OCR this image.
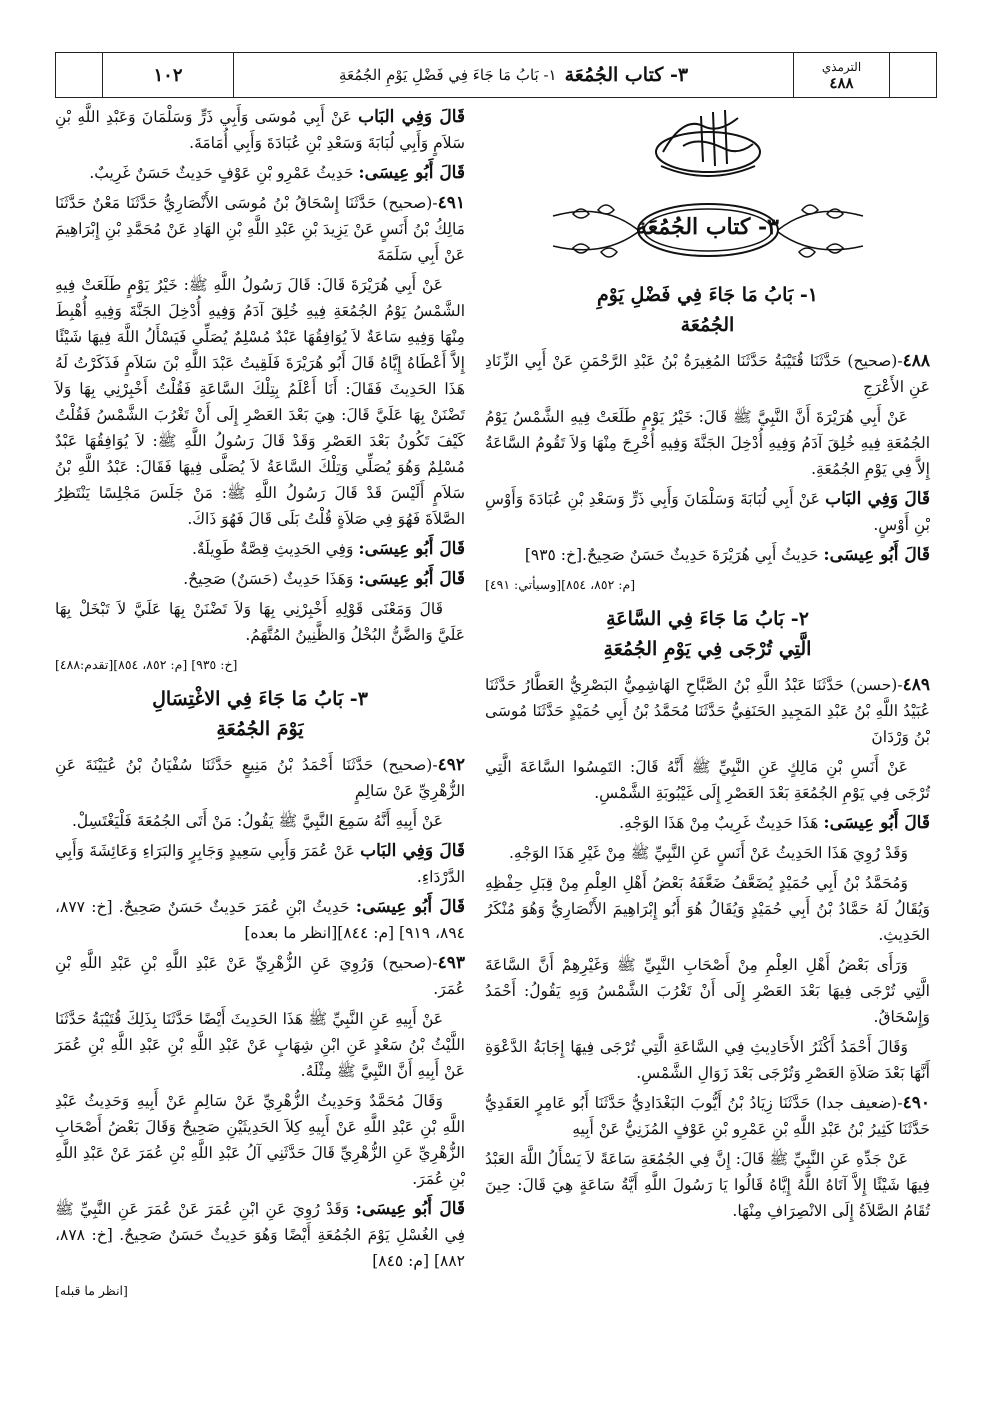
١٠٢	٣- كتاب الجُمُعَة
١- بَابُ مَا جَاءَ فِي فَضْلِ يَوْمِ الجُمُعَةِ	الترمذي
٤٨٨
٣- كتاب الجُمُعَة
١- بَابُ مَا جَاءَ فِي فَضْلِ يَوْمِ
الجُمُعَة

٤٨٨-(صحيح) حَدَّثَنَا قُتَيْبَةُ حَدَّثَنَا المُغِيرَةُ بْنُ عَبْدِ الرَّحْمَنِ عَنْ أَبِي الزِّنَادِ عَنِ الأَعْرَجِ

عَنْ أَبِي هُرَيْرَةَ أَنَّ النَّبِيَّ ﷺ قَالَ: خَيْرُ يَوْمٍ طَلَعَتْ فِيهِ الشَّمْسُ يَوْمُ الجُمُعَةِ فِيهِ خُلِقَ آدَمُ وَفِيهِ أُدْخِلَ الجَنَّةَ وَفِيهِ أُخْرِجَ مِنْهَا وَلاَ تَقُومُ السَّاعَةُ إِلاَّ فِي يَوْمِ الجُمُعَةِ.

قَالَ وَفِي البَاب عَنْ أَبِي لُبَابَةَ وَسَلْمَانَ وَأَبِي ذَرٍّ وَسَعْدِ بْنِ عُبَادَةَ وَأَوْسِ بْنِ أَوْسٍ.

قَالَ أَبُو عِيسَى: حَدِيثُ أَبِي هُرَيْرَةَ حَدِيثٌ حَسَنٌ صَحِيحٌ.[خ: ٩٣٥]

[م: ٨٥٢، ٨٥٤][وسيأتي: ٤٩١]

٢- بَابُ مَا جَاءَ فِي السَّاعَةِ
الَّتِي تُرْجَى فِي يَوْمِ الجُمُعَةِ

٤٨٩-(حسن) حَدَّثَنَا عَبْدُ اللَّهِ بْنُ الصَّبَّاحِ الهَاشِمِيُّ البَصْرِيُّ العَطَّارُ حَدَّثَنَا عُبَيْدُ اللَّهِ بْنُ عَبْدِ المَجِيدِ الحَنَفِيُّ حَدَّثَنَا مُحَمَّدُ بْنُ أَبِي حُمَيْدٍ حَدَّثَنَا مُوسَى بْنُ وَرْدَانَ

عَنْ أَنَسِ بْنِ مَالِكٍ عَنِ النَّبِيِّ ﷺ أَنَّهُ قَالَ: التَمِسُوا السَّاعَةَ الَّتِي تُرْجَى فِي يَوْمِ الجُمُعَةِ بَعْدَ العَصْرِ إِلَى غَيْبُوبَةِ الشَّمْسِ.

قَالَ أَبُو عِيسَى: هَذَا حَدِيثٌ غَرِيبٌ مِنْ هَذَا الوَجْهِ.

وَقَدْ رُوِيَ هَذَا الحَدِيثُ عَنْ أَنَسٍ عَنِ النَّبِيِّ ﷺ مِنْ غَيْرِ هَذَا الوَجْهِ.

وَمُحَمَّدُ بْنُ أَبِي حُمَيْدٍ يُضَعَّفُ ضَعَّفَهُ بَعْضُ أَهْلِ العِلْمِ مِنْ قِبَلِ حِفْظِهِ وَيُقَالُ لَهُ حَمَّادُ بْنُ أَبِي حُمَيْدٍ وَيُقَالُ هُوَ أَبُو إِبْرَاهِيمَ الأَنْصَارِيُّ وَهُوَ مُنْكَرُ الحَدِيثِ.

وَرَأَى بَعْضُ أَهْلِ العِلْمِ مِنْ أَصْحَابِ النَّبِيِّ ﷺ وَغَيْرِهِمْ أَنَّ السَّاعَةَ الَّتِي تُرْجَى فِيهَا بَعْدَ العَصْرِ إِلَى أَنْ تَغْرُبَ الشَّمْسُ وَبِهِ يَقُولُ: أَحْمَدُ وَإِسْحَاقُ.

وَقَالَ أَحْمَدُ أَكْثَرُ الأَحَادِيثِ فِي السَّاعَةِ الَّتِي تُرْجَى فِيهَا إِجَابَةُ الدَّعْوَةِ أَنَّهَا بَعْدَ صَلاَةِ العَصْرِ وَتُرْجَى بَعْدَ زَوَالِ الشَّمْسِ.

٤٩٠-(ضعيف جدا) حَدَّثَنَا زِيَادُ بْنُ أَيُّوبَ البَغْدَادِيُّ حَدَّثَنَا أَبُو عَامِرٍ العَقَدِيُّ حَدَّثَنَا كَثِيرُ بْنُ عَبْدِ اللَّهِ بْنِ عَمْرِو بْنِ عَوْفٍ المُزَنِيُّ عَنْ أَبِيهِ

عَنْ جَدِّهِ عَنِ النَّبِيِّ ﷺ قَالَ: إِنَّ فِي الجُمُعَةِ سَاعَةً لاَ يَسْأَلُ اللَّهَ العَبْدُ فِيهَا شَيْئًا إِلاَّ آتَاهُ اللَّهُ إِيَّاهُ قَالُوا يَا رَسُولَ اللَّهِ أَيَّةُ سَاعَةٍ هِيَ قَالَ: حِينَ تُقَامُ الصَّلاَةُ إِلَى الانْصِرَافِ مِنْهَا.

قَالَ وَفِي البَاب عَنْ أَبِي مُوسَى وَأَبِي ذَرٍّ وَسَلْمَانَ وَعَبْدِ اللَّهِ بْنِ سَلاَمٍ وَأَبِي لُبَابَةَ وَسَعْدِ بْنِ عُبَادَةَ وَأَبِي أُمَامَةَ.

قَالَ أَبُو عِيسَى: حَدِيثُ عَمْرِو بْنِ عَوْفٍ حَدِيثٌ حَسَنٌ غَرِيبٌ.

٤٩١-(صحيح) حَدَّثَنَا إِسْحَاقُ بْنُ مُوسَى الأَنْصَارِيُّ حَدَّثَنَا مَعْنٌ حَدَّثَنَا مَالِكُ بْنُ أَنَسٍ عَنْ يَزِيدَ بْنِ عَبْدِ اللَّهِ بْنِ الهَادِ عَنْ مُحَمَّدِ بْنِ إِبْرَاهِيمَ عَنْ أَبِي سَلَمَةَ

عَنْ أَبِي هُرَيْرَةَ قَالَ: قَالَ رَسُولُ اللَّهِ ﷺ: خَيْرُ يَوْمٍ طَلَعَتْ فِيهِ الشَّمْسُ يَوْمُ الجُمُعَةِ فِيهِ خُلِقَ آدَمُ وَفِيهِ أُدْخِلَ الجَنَّةَ وَفِيهِ أُهْبِطَ مِنْهَا وَفِيهِ سَاعَةٌ لاَ يُوَافِقُهَا عَبْدٌ مُسْلِمٌ يُصَلِّي فَيَسْأَلُ اللَّهَ فِيهَا شَيْئًا إِلاَّ أَعْطَاهُ إِيَّاهُ قَالَ أَبُو هُرَيْرَةَ فَلَقِيتُ عَبْدَ اللَّهِ بْنَ سَلاَمٍ فَذَكَرْتُ لَهُ هَذَا الحَدِيثَ فَقَالَ: أَنَا أَعْلَمُ بِتِلْكَ السَّاعَةِ فَقُلْتُ أَخْبِرْنِي بِهَا وَلاَ تَضْنَنْ بِهَا عَلَيَّ قَالَ: هِيَ بَعْدَ العَصْرِ إِلَى أَنْ تَغْرُبَ الشَّمْسُ فَقُلْتُ كَيْفَ تَكُونُ بَعْدَ العَصْرِ وَقَدْ قَالَ رَسُولُ اللَّهِ ﷺ: لاَ يُوَافِقُهَا عَبْدٌ مُسْلِمٌ وَهُوَ يُصَلِّي وَتِلْكَ السَّاعَةُ لاَ يُصَلَّى فِيهَا فَقَالَ: عَبْدُ اللَّهِ بْنُ سَلاَمٍ أَلَيْسَ قَدْ قَالَ رَسُولُ اللَّهِ ﷺ: مَنْ جَلَسَ مَجْلِسًا يَنْتَظِرُ الصَّلاَةَ فَهُوَ فِي صَلاَةٍ قُلْتُ بَلَى قَالَ فَهُوَ ذَاكَ.

قَالَ أَبُو عِيسَى: وَفِي الحَدِيثِ قِصَّةٌ طَوِيلَةٌ.

قَالَ أَبُو عِيسَى: وَهَذَا حَدِيثٌ (حَسَنٌ) صَحِيحٌ.

قَالَ وَمَعْنَى قَوْلِهِ أَخْبِرْنِي بِهَا وَلاَ تَضْنَنْ بِهَا عَلَيَّ لاَ تَبْخَلْ بِهَا عَلَيَّ وَالضَّنُّ البُخْلُ وَالظَّنِينُ المُتَّهَمُ.

[خ: ٩٣٥] [م: ٨٥٢، ٨٥٤][تقدم:٤٨٨]

٣- بَابُ مَا جَاءَ فِي الاغْتِسَالِ
يَوْمَ الجُمُعَةِ

٤٩٢-(صحيح) حَدَّثَنَا أَحْمَدُ بْنُ مَنِيعٍ حَدَّثَنَا سُفْيَانُ بْنُ عُيَيْنَةَ عَنِ الزُّهْرِيِّ عَنْ سَالِمٍ

عَنْ أَبِيهِ أَنَّهُ سَمِعَ النَّبِيَّ ﷺ يَقُولُ: مَنْ أَتَى الجُمُعَةَ فَلْيَغْتَسِلْ.

قَالَ وَفِي البَاب عَنْ عُمَرَ وَأَبِي سَعِيدٍ وَجَابِرٍ وَالبَرَاءِ وَعَائِشَةَ وَأَبِي الدَّرْدَاءِ.

قَالَ أَبُو عِيسَى: حَدِيثُ ابْنِ عُمَرَ حَدِيثٌ حَسَنٌ صَحِيحٌ. [خ: ٨٧٧، ٨٩٤، ٩١٩] [م: ٨٤٤][انظر ما بعده]

٤٩٣-(صحيح) وَرُوِيَ عَنِ الزُّهْرِيِّ عَنْ عَبْدِ اللَّهِ بْنِ عَبْدِ اللَّهِ بْنِ عُمَرَ.

عَنْ أَبِيهِ عَنِ النَّبِيِّ ﷺ هَذَا الحَدِيثَ أَيْضًا حَدَّثَنَا بِذَلِكَ قُتَيْبَةُ حَدَّثَنَا اللَّيْثُ بْنُ سَعْدٍ عَنِ ابْنِ شِهَابٍ عَنْ عَبْدِ اللَّهِ بْنِ عَبْدِ اللَّهِ بْنِ عُمَرَ عَنْ أَبِيهِ أَنَّ النَّبِيَّ ﷺ مِثْلَهُ.

وَقَالَ مُحَمَّدٌ وَحَدِيثُ الزُّهْرِيِّ عَنْ سَالِمٍ عَنْ أَبِيهِ وَحَدِيثُ عَبْدِ اللَّهِ بْنِ عَبْدِ اللَّهِ عَنْ أَبِيهِ كِلاَ الحَدِيثَيْنِ صَحِيحٌ وَقَالَ بَعْضُ أَصْحَابِ الزُّهْرِيِّ عَنِ الزُّهْرِيِّ قَالَ حَدَّثَنِي آلُ عَبْدِ اللَّهِ بْنِ عُمَرَ عَنْ عَبْدِ اللَّهِ بْنِ عُمَرَ.

قَالَ أَبُو عِيسَى: وَقَدْ رُوِيَ عَنِ ابْنِ عُمَرَ عَنْ عُمَرَ عَنِ النَّبِيِّ ﷺ فِي الغُسْلِ يَوْمَ الجُمُعَةِ أَيْضًا وَهُوَ حَدِيثٌ حَسَنٌ صَحِيحٌ. [خ: ٨٧٨، ٨٨٢] [م: ٨٤٥]

[انظر ما قبله]
